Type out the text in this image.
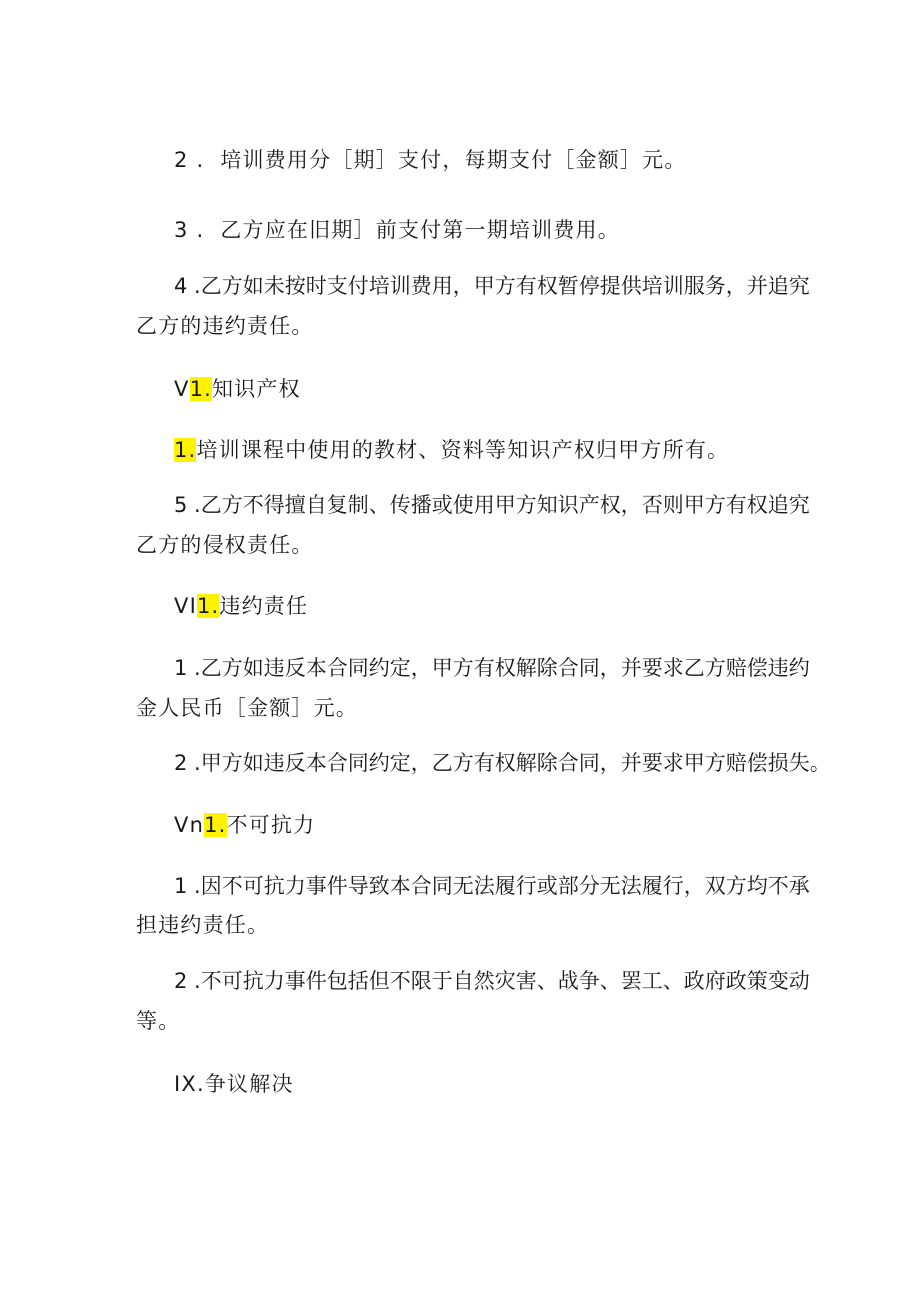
2 . 培训费用分［期］支付，每期支付［金额］元。
3 . 乙方应在旧期］前支付第一期培训费用。
4 . 乙方如未按时支付培训费用，甲方有权暂停提供培训服务，并追究
乙方的违约责任。
V1.知识产权
1.培训课程中使用的教材、资料等知识产权归甲方所有。
5 . 乙方不得擅自复制、传播或使用甲方知识产权，否则甲方有权追究
乙方的侵权责任。
VI1.违约责任
1 . 乙方如违反本合同约定，甲方有权解除合同，并要求乙方赔偿违约
金人民币［金额］元。
2 . 甲方如违反本合同约定，乙方有权解除合同，并要求甲方赔偿损失。
Vn1.不可抗力
1 . 因不可抗力事件导致本合同无法履行或部分无法履行，双方均不承
担违约责任。
2 . 不可抗力事件包括但不限于自然灾害、战争、罢工、政府政策变动
等。
IX.争议解决
